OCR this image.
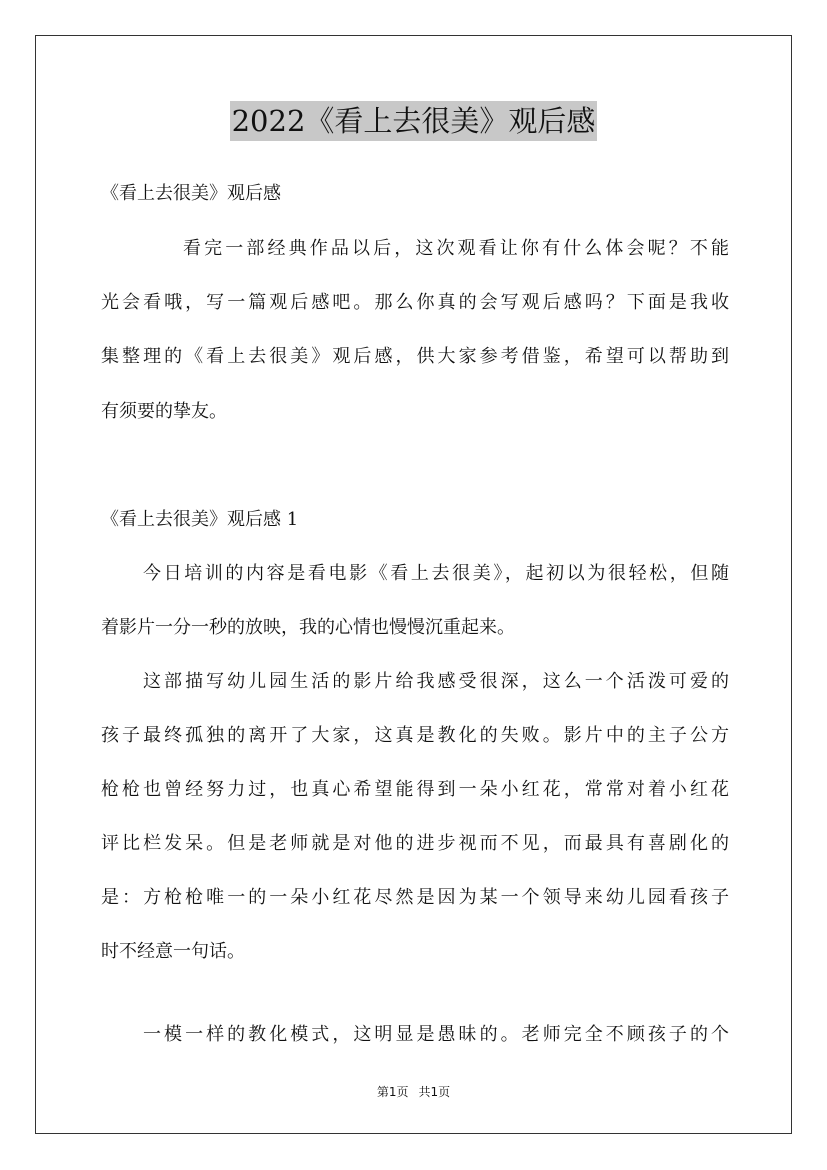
2022《看上去很美》观后感
《看上去很美》观后感
看完一部经典作品以后，这次观看让你有什么体会呢？不能
光会看哦，写一篇观后感吧。那么你真的会写观后感吗？下面是我收
集整理的《看上去很美》观后感，供大家参考借鉴，希望可以帮助到
有须要的挚友。
《看上去很美》观后感 1
今日培训的内容是看电影《看上去很美》，起初以为很轻松，但随
着影片一分一秒的放映，我的心情也慢慢沉重起来。
这部描写幼儿园生活的影片给我感受很深，这么一个活泼可爱的
孩子最终孤独的离开了大家，这真是教化的失败。影片中的主子公方
枪枪也曾经努力过，也真心希望能得到一朵小红花，常常对着小红花
评比栏发呆。但是老师就是对他的进步视而不见，而最具有喜剧化的
是：方枪枪唯一的一朵小红花尽然是因为某一个领导来幼儿园看孩子
时不经意一句话。
一模一样的教化模式，这明显是愚昧的。老师完全不顾孩子的个
第1页 共1页
